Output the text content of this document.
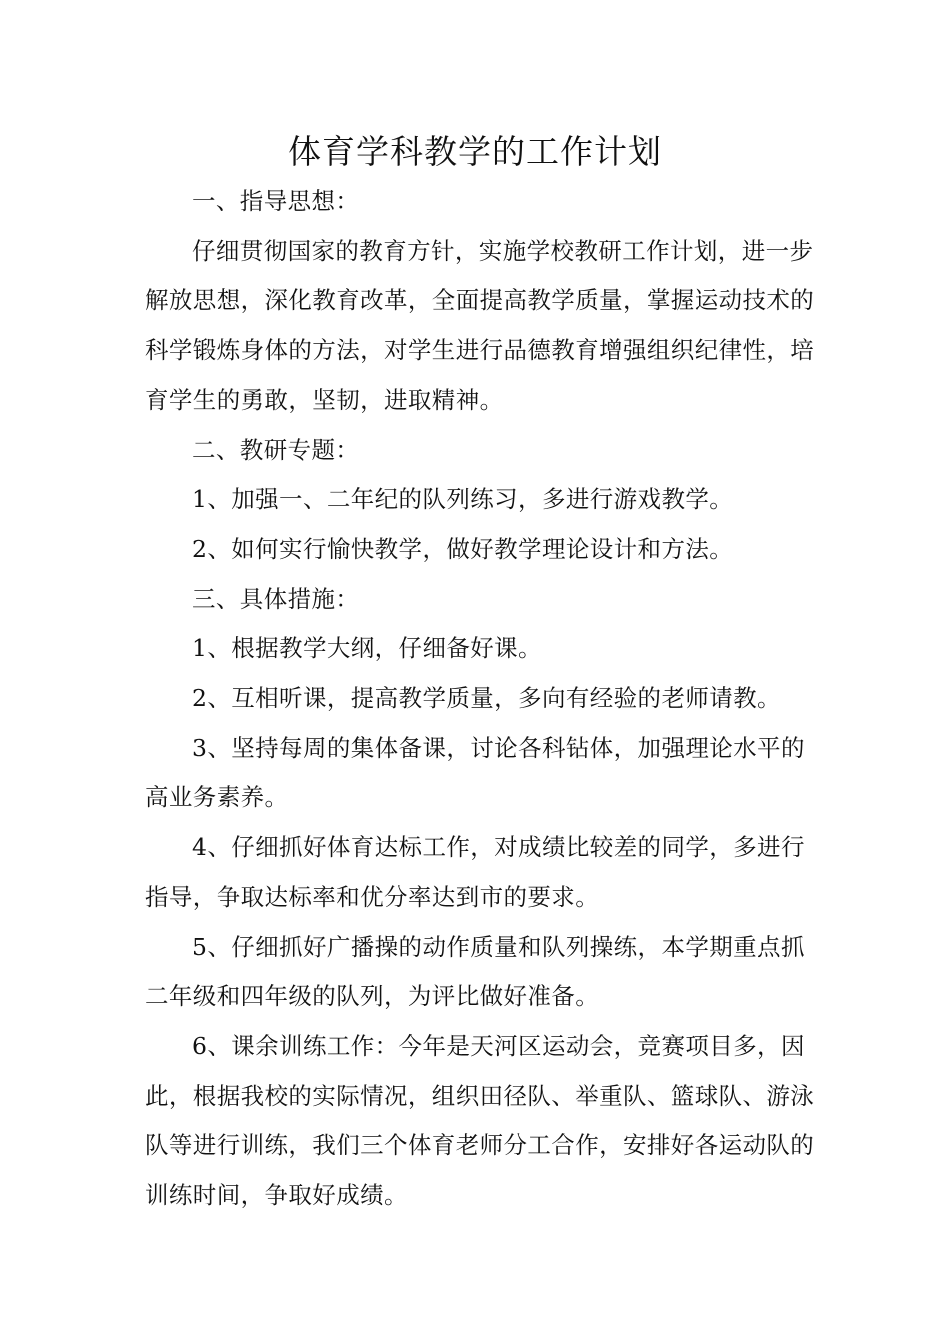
体育学科教学的工作计划

一、指导思想：

仔细贯彻国家的教育方针，实施学校教研工作计划，进一步解放思想，深化教育改革，全面提高教学质量，掌握运动技术的科学锻炼身体的方法，对学生进行品德教育增强组织纪律性，培育学生的勇敢，坚韧，进取精神。

二、教研专题：

1、加强一、二年纪的队列练习，多进行游戏教学。

2、如何实行愉快教学，做好教学理论设计和方法。

三、具体措施：

1、根据教学大纲，仔细备好课。

2、互相听课，提高教学质量，多向有经验的老师请教。

3、坚持每周的集体备课，讨论各科钻体，加强理论水平的高业务素养。

4、仔细抓好体育达标工作，对成绩比较差的同学，多进行指导，争取达标率和优分率达到市的要求。

5、仔细抓好广播操的动作质量和队列操练，本学期重点抓二年级和四年级的队列，为评比做好准备。

6、课余训练工作：今年是天河区运动会，竞赛项目多，因此，根据我校的实际情况，组织田径队、举重队、篮球队、游泳队等进行训练，我们三个体育老师分工合作，安排好各运动队的训练时间，争取好成绩。
